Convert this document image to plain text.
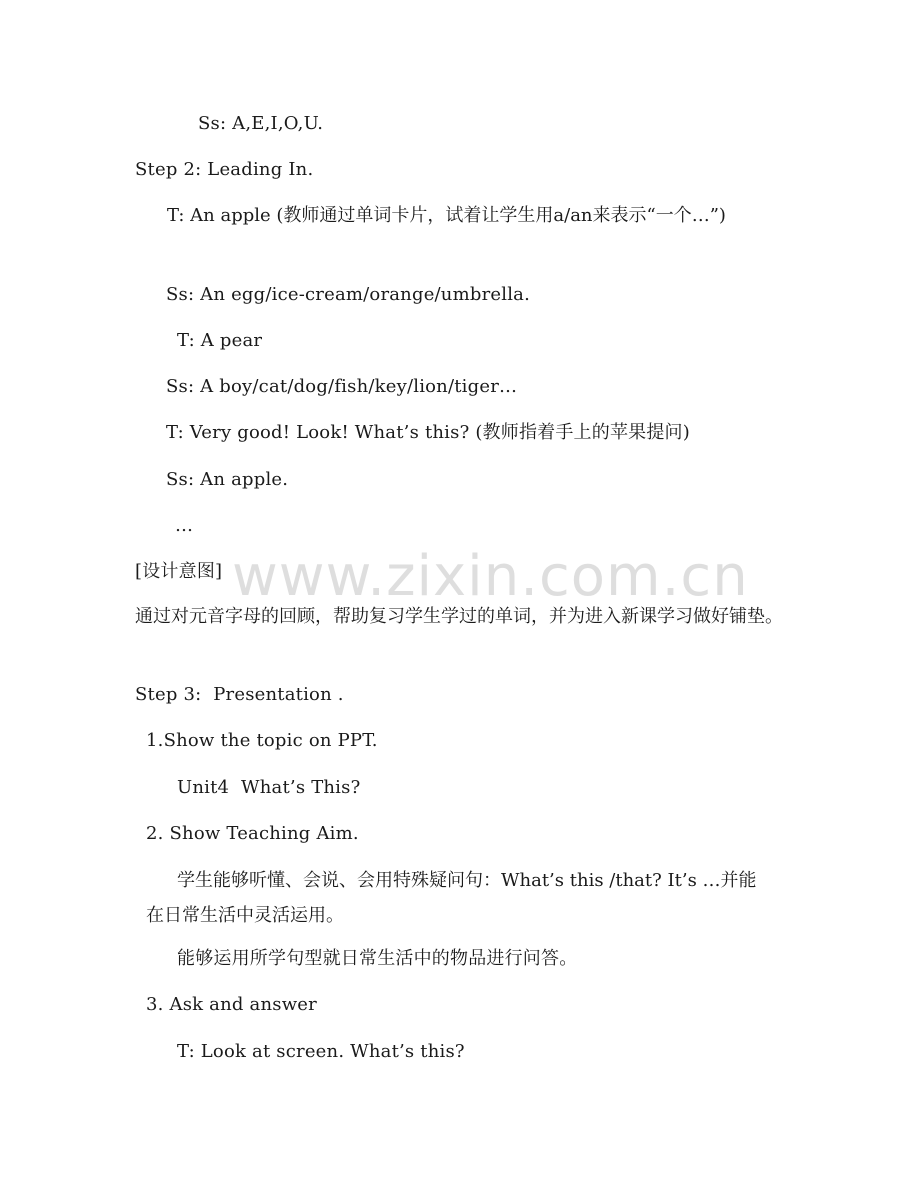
Ss: A,E,I,O,U.
Step 2: Leading In.
T: An apple (教师通过单词卡片，试着让学生用a/an来表示“一个…”)
Ss: An egg/ice-cream/orange/umbrella.
T: A pear
Ss: A boy/cat/dog/fish/key/lion/tiger…
T: Very good! Look! What’s this? (教师指着手上的苹果提问)
Ss: An apple.
…
[设计意图]
通过对元音字母的回顾，帮助复习学生学过的单词，并为进入新课学习做好铺垫。
Step 3:  Presentation .
1.Show the topic on PPT.
Unit4  What’s This?
2. Show Teaching Aim.
学生能够听懂、会说、会用特殊疑问句：What’s this /that? It’s …并能在日常生活中灵活运用。
能够运用所学句型就日常生活中的物品进行问答。
3. Ask and answer
T: Look at screen. What’s this?
www.zixin.com.cn
